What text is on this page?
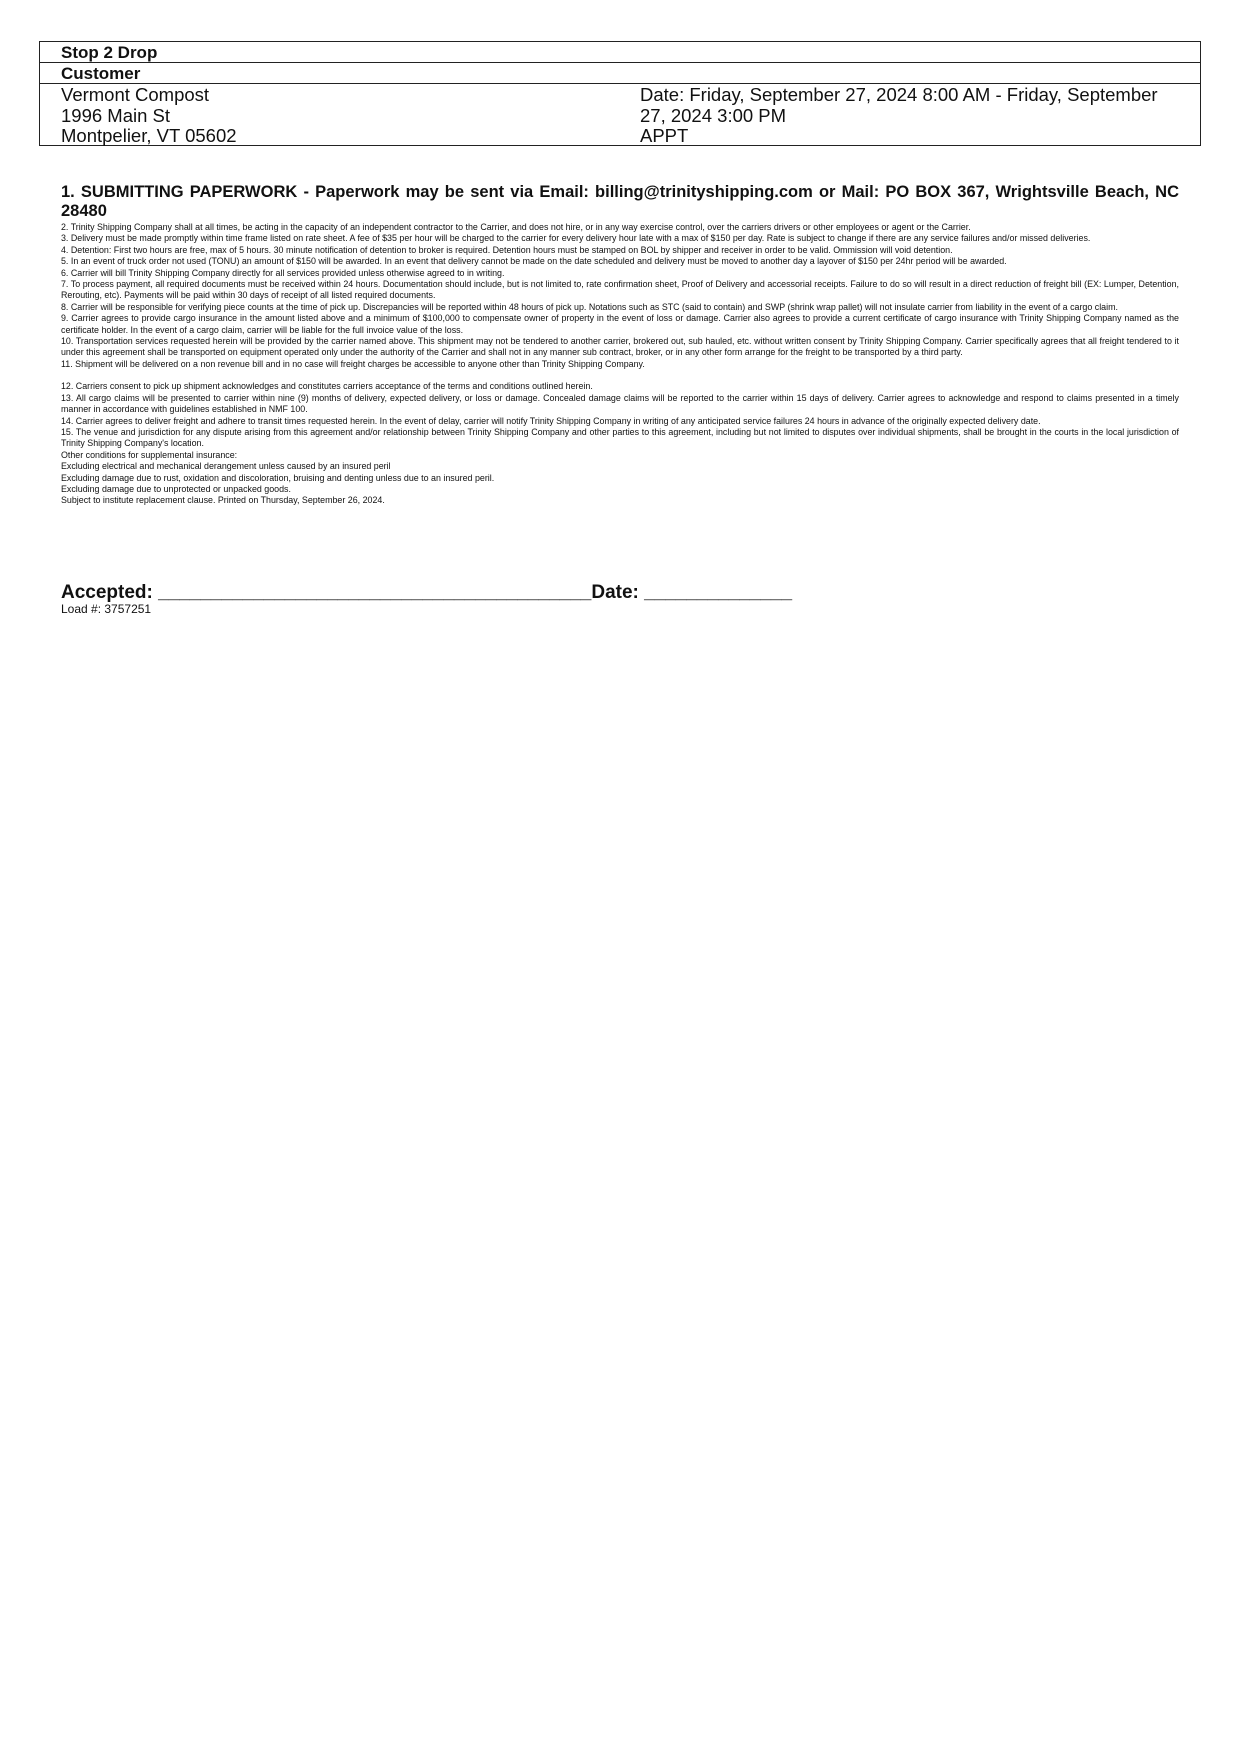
Stop 2 Drop
Customer
Vermont Compost
1996 Main St
Montpelier, VT 05602
Date: Friday, September 27, 2024 8:00 AM - Friday, September
27, 2024 3:00 PM
APPT

1. SUBMITTING PAPERWORK - Paperwork may be sent via Email: billing@trinityshipping.com or Mail: PO BOX 367, Wrightsville Beach, NC 28480

2. Trinity Shipping Company shall at all times, be acting in the capacity of an independent contractor to the Carrier, and does not hire, or in any way exercise control, over the carriers drivers or other employees or agent or the Carrier.

3. Delivery must be made promptly within time frame listed on rate sheet. A fee of $35 per hour will be charged to the carrier for every delivery hour late with a max of $150 per day. Rate is subject to change if there are any service failures and/or missed deliveries.

4. Detention: First two hours are free, max of 5 hours. 30 minute notification of detention to broker is required. Detention hours must be stamped on BOL by shipper and receiver in order to be valid. Ommission will void detention.

5. In an event of truck order not used (TONU) an amount of $150 will be awarded. In an event that delivery cannot be made on the date scheduled and delivery must be moved to another day a layover of $150 per 24hr period will be awarded.

6. Carrier will bill Trinity Shipping Company directly for all services provided unless otherwise agreed to in writing.

7. To process payment, all required documents must be received within 24 hours. Documentation should include, but is not limited to, rate confirmation sheet, Proof of Delivery and accessorial receipts. Failure to do so will result in a direct reduction of freight bill (EX: Lumper, Detention, Rerouting, etc). Payments will be paid within 30 days of receipt of all listed required documents.

8. Carrier will be responsible for verifying piece counts at the time of pick up. Discrepancies will be reported within 48 hours of pick up. Notations such as STC (said to contain) and SWP (shrink wrap pallet) will not insulate carrier from liability in the event of a cargo claim.

9. Carrier agrees to provide cargo insurance in the amount listed above and a minimum of $100,000 to compensate owner of property in the event of loss or damage. Carrier also agrees to provide a current certificate of cargo insurance with Trinity Shipping Company named as the certificate holder. In the event of a cargo claim, carrier will be liable for the full invoice value of the loss.

10. Transportation services requested herein will be provided by the carrier named above. This shipment may not be tendered to another carrier, brokered out, sub hauled, etc. without written consent by Trinity Shipping Company. Carrier specifically agrees that all freight tendered to it under this agreement shall be transported on equipment operated only under the authority of the Carrier and shall not in any manner sub contract, broker, or in any other form arrange for the freight to be transported by a third party.

11. Shipment will be delivered on a non revenue bill and in no case will freight charges be accessible to anyone other than Trinity Shipping Company.

12. Carriers consent to pick up shipment acknowledges and constitutes carriers acceptance of the terms and conditions outlined herein.

13. All cargo claims will be presented to carrier within nine (9) months of delivery, expected delivery, or loss or damage. Concealed damage claims will be reported to the carrier within 15 days of delivery. Carrier agrees to acknowledge and respond to claims presented in a timely manner in accordance with guidelines established in NMF 100.

14. Carrier agrees to deliver freight and adhere to transit times requested herein. In the event of delay, carrier will notify Trinity Shipping Company in writing of any anticipated service failures 24 hours in advance of the originally expected delivery date.

15. The venue and jurisdiction for any dispute arising from this agreement and/or relationship between Trinity Shipping Company and other parties to this agreement, including but not limited to disputes over individual shipments, shall be brought in the courts in the local jurisdiction of Trinity Shipping Company's location.

Other conditions for supplemental insurance:

Excluding electrical and mechanical derangement unless caused by an insured peril

Excluding damage due to rust, oxidation and discoloration, bruising and denting unless due to an insured peril.

Excluding damage due to unprotected or unpacked goods.

Subject to institute replacement clause. Printed on Thursday, September 26, 2024.

Accepted: _________________________________________Date: ______________
Load #: 3757251
